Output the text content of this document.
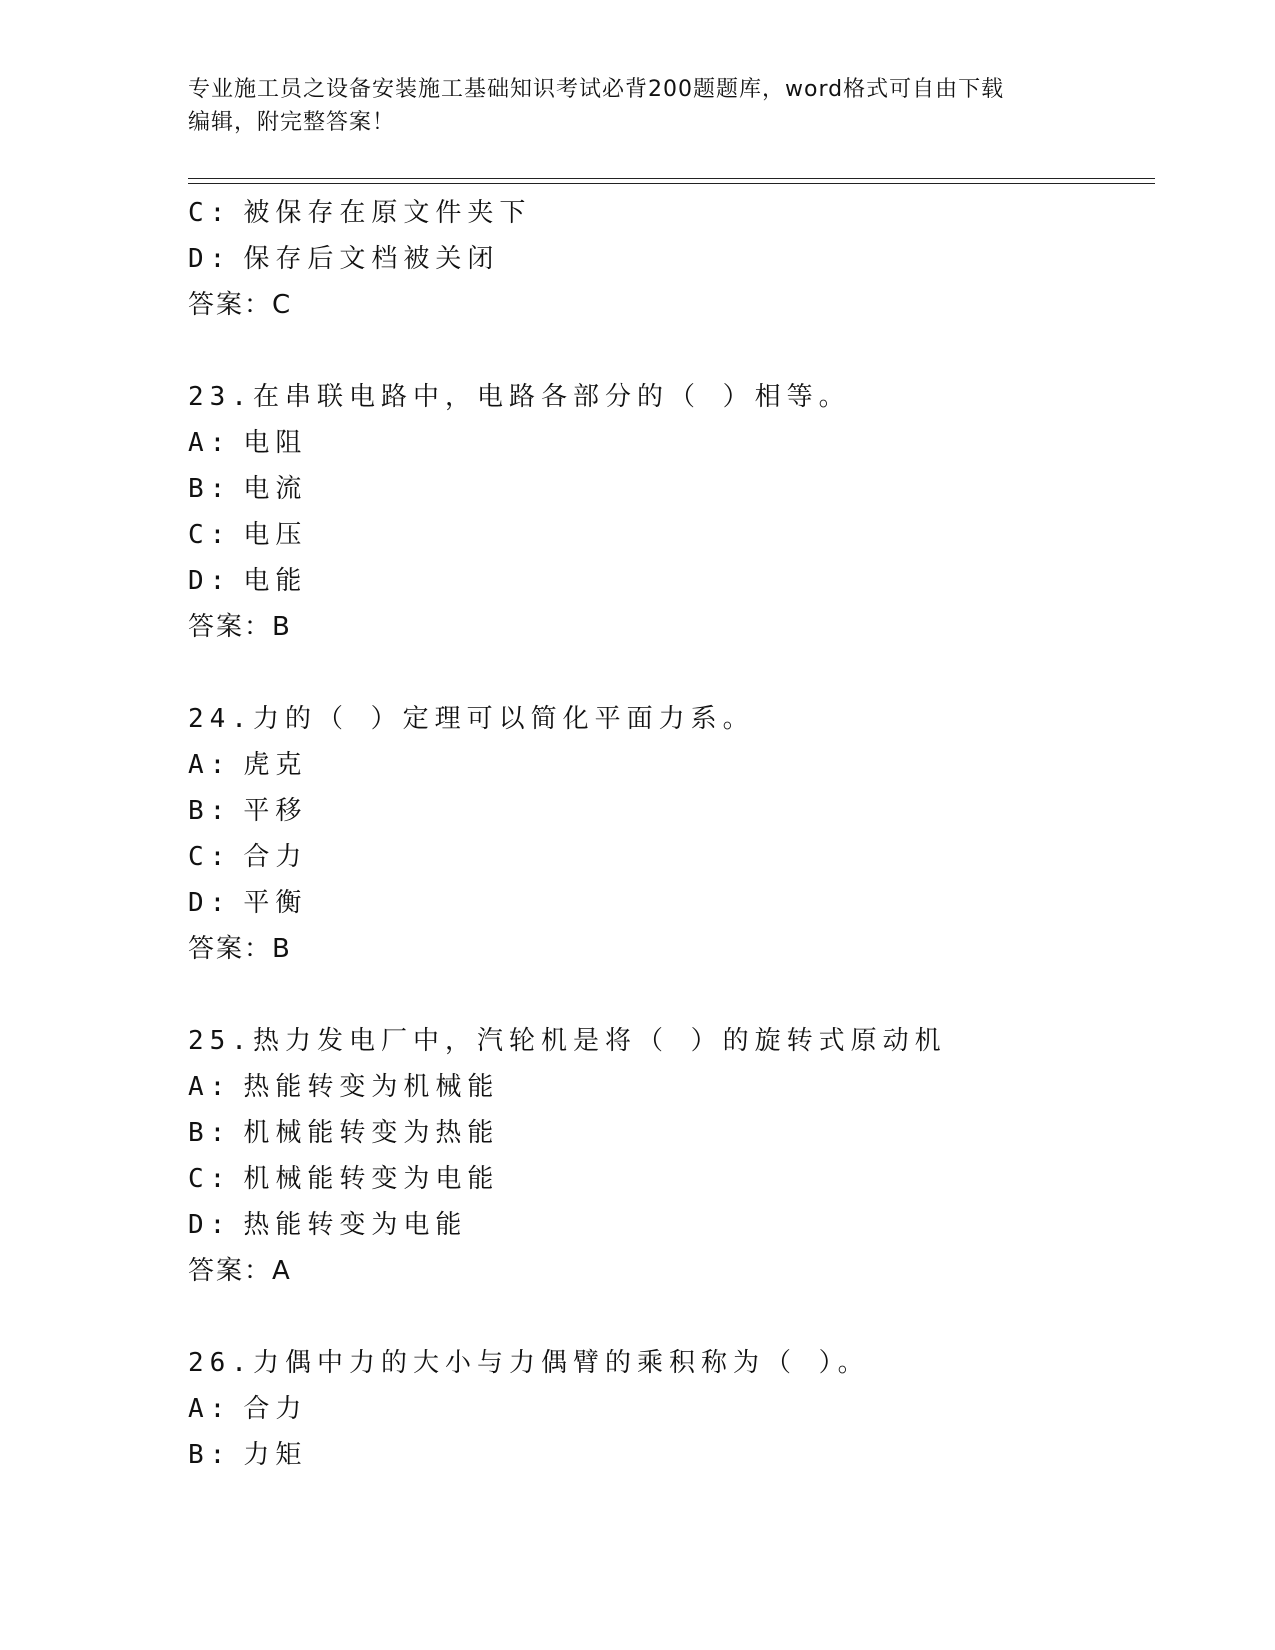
专业施工员之设备安装施工基础知识考试必背200题题库，word格式可自由下载
编辑，附完整答案！
C: 被保存在原文件夹下
D: 保存后文档被关闭
答案：C
23.在串联电路中，电路各部分的（ ）相等。
A: 电阻
B: 电流
C: 电压
D: 电能
答案：B
24.力的（ ）定理可以简化平面力系。
A: 虎克
B: 平移
C: 合力
D: 平衡
答案：B
25.热力发电厂中，汽轮机是将（ ）的旋转式原动机
A: 热能转变为机械能
B: 机械能转变为热能
C: 机械能转变为电能
D: 热能转变为电能
答案：A
26.力偶中力的大小与力偶臂的乘积称为（ ）。
A: 合力
B: 力矩
